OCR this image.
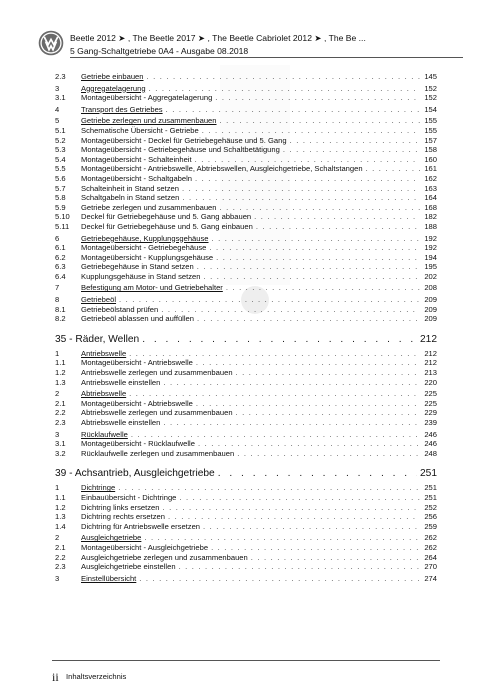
Beetle 2012 ➤ , The Beetle 2017 ➤ , The Beetle Cabriolet 2012 ➤ , The Be ...
5 Gang-Schaltgetriebe 0A4 - Ausgabe 08.2018
2.3	Getriebe einbauen . . .	145
3	Aggregatelagerung . . .	152
3.1	Montageübersicht - Aggregatelagerung . . .	152
4	Transport des Getriebes . . .	154
5	Getriebe zerlegen und zusammenbauen . . .	155
5.1	Schematische Übersicht - Getriebe . . .	155
5.2	Montageübersicht - Deckel für Getriebegehäuse und 5. Gang . . .	157
5.3	Montageübersicht - Getriebegehäuse und Schaltbetätigung . . .	158
5.4	Montageübersicht - Schalteinheit . . .	160
5.5	Montageübersicht - Antriebswelle, Abtriebswellen, Ausgleichgetriebe, Schaltstangen . . .	161
5.6	Montageübersicht - Schaltgabeln . . .	162
5.7	Schalteinheit in Stand setzen . . .	163
5.8	Schaltgabeln in Stand setzen . . .	164
5.9	Getriebe zerlegen und zusammenbauen . . .	168
5.10	Deckel für Getriebegehäuse und 5. Gang abbauen . . .	182
5.11	Deckel für Getriebegehäuse und 5. Gang einbauen . . .	188
6	Getriebegehäuse, Kupplungsgehäuse . . .	192
6.1	Montageübersicht - Getriebegehäuse . . .	192
6.2	Montageübersicht - Kupplungsgehäuse . . .	194
6.3	Getriebegehäuse in Stand setzen . . .	195
6.4	Kupplungsgehäuse in Stand setzen . . .	202
7	Befestigung am Motor- und Getriebehalter . . .	208
8	Getriebeöl . . .	209
8.1	Getriebeölstand prüfen . . .	209
8.2	Getriebeöl ablassen und auffüllen . . .	209
35 - Räder, Wellen . . .	212
1	Antriebswelle . . .	212
1.1	Montageübersicht - Antriebswelle . . .	212
1.2	Antriebswelle zerlegen und zusammenbauen . . .	213
1.3	Antriebswelle einstellen . . .	220
2	Abtriebswelle . . .	225
2.1	Montageübersicht - Abtriebswelle . . .	225
2.2	Abtriebswelle zerlegen und zusammenbauen . . .	229
2.3	Abtriebswelle einstellen . . .	239
3	Rücklaufwelle . . .	246
3.1	Montageübersicht - Rücklaufwelle . . .	246
3.2	Rücklaufwelle zerlegen und zusammenbauen . . .	248
39 - Achsantrieb, Ausgleichgetriebe . . .	251
1	Dichtringe . . .	251
1.1	Einbauübersicht - Dichtringe . . .	251
1.2	Dichtring links ersetzen . . .	252
1.3	Dichtring rechts ersetzen . . .	256
1.4	Dichtring für Antriebswelle ersetzen . . .	259
2	Ausgleichgetriebe . . .	262
2.1	Montageübersicht - Ausgleichgetriebe . . .	262
2.2	Ausgleichgetriebe zerlegen und zusammenbauen . . .	264
2.3	Ausgleichgetriebe einstellen . . .	270
3	Einstellübersicht . . .	274
ii Inhaltsverzeichnis
